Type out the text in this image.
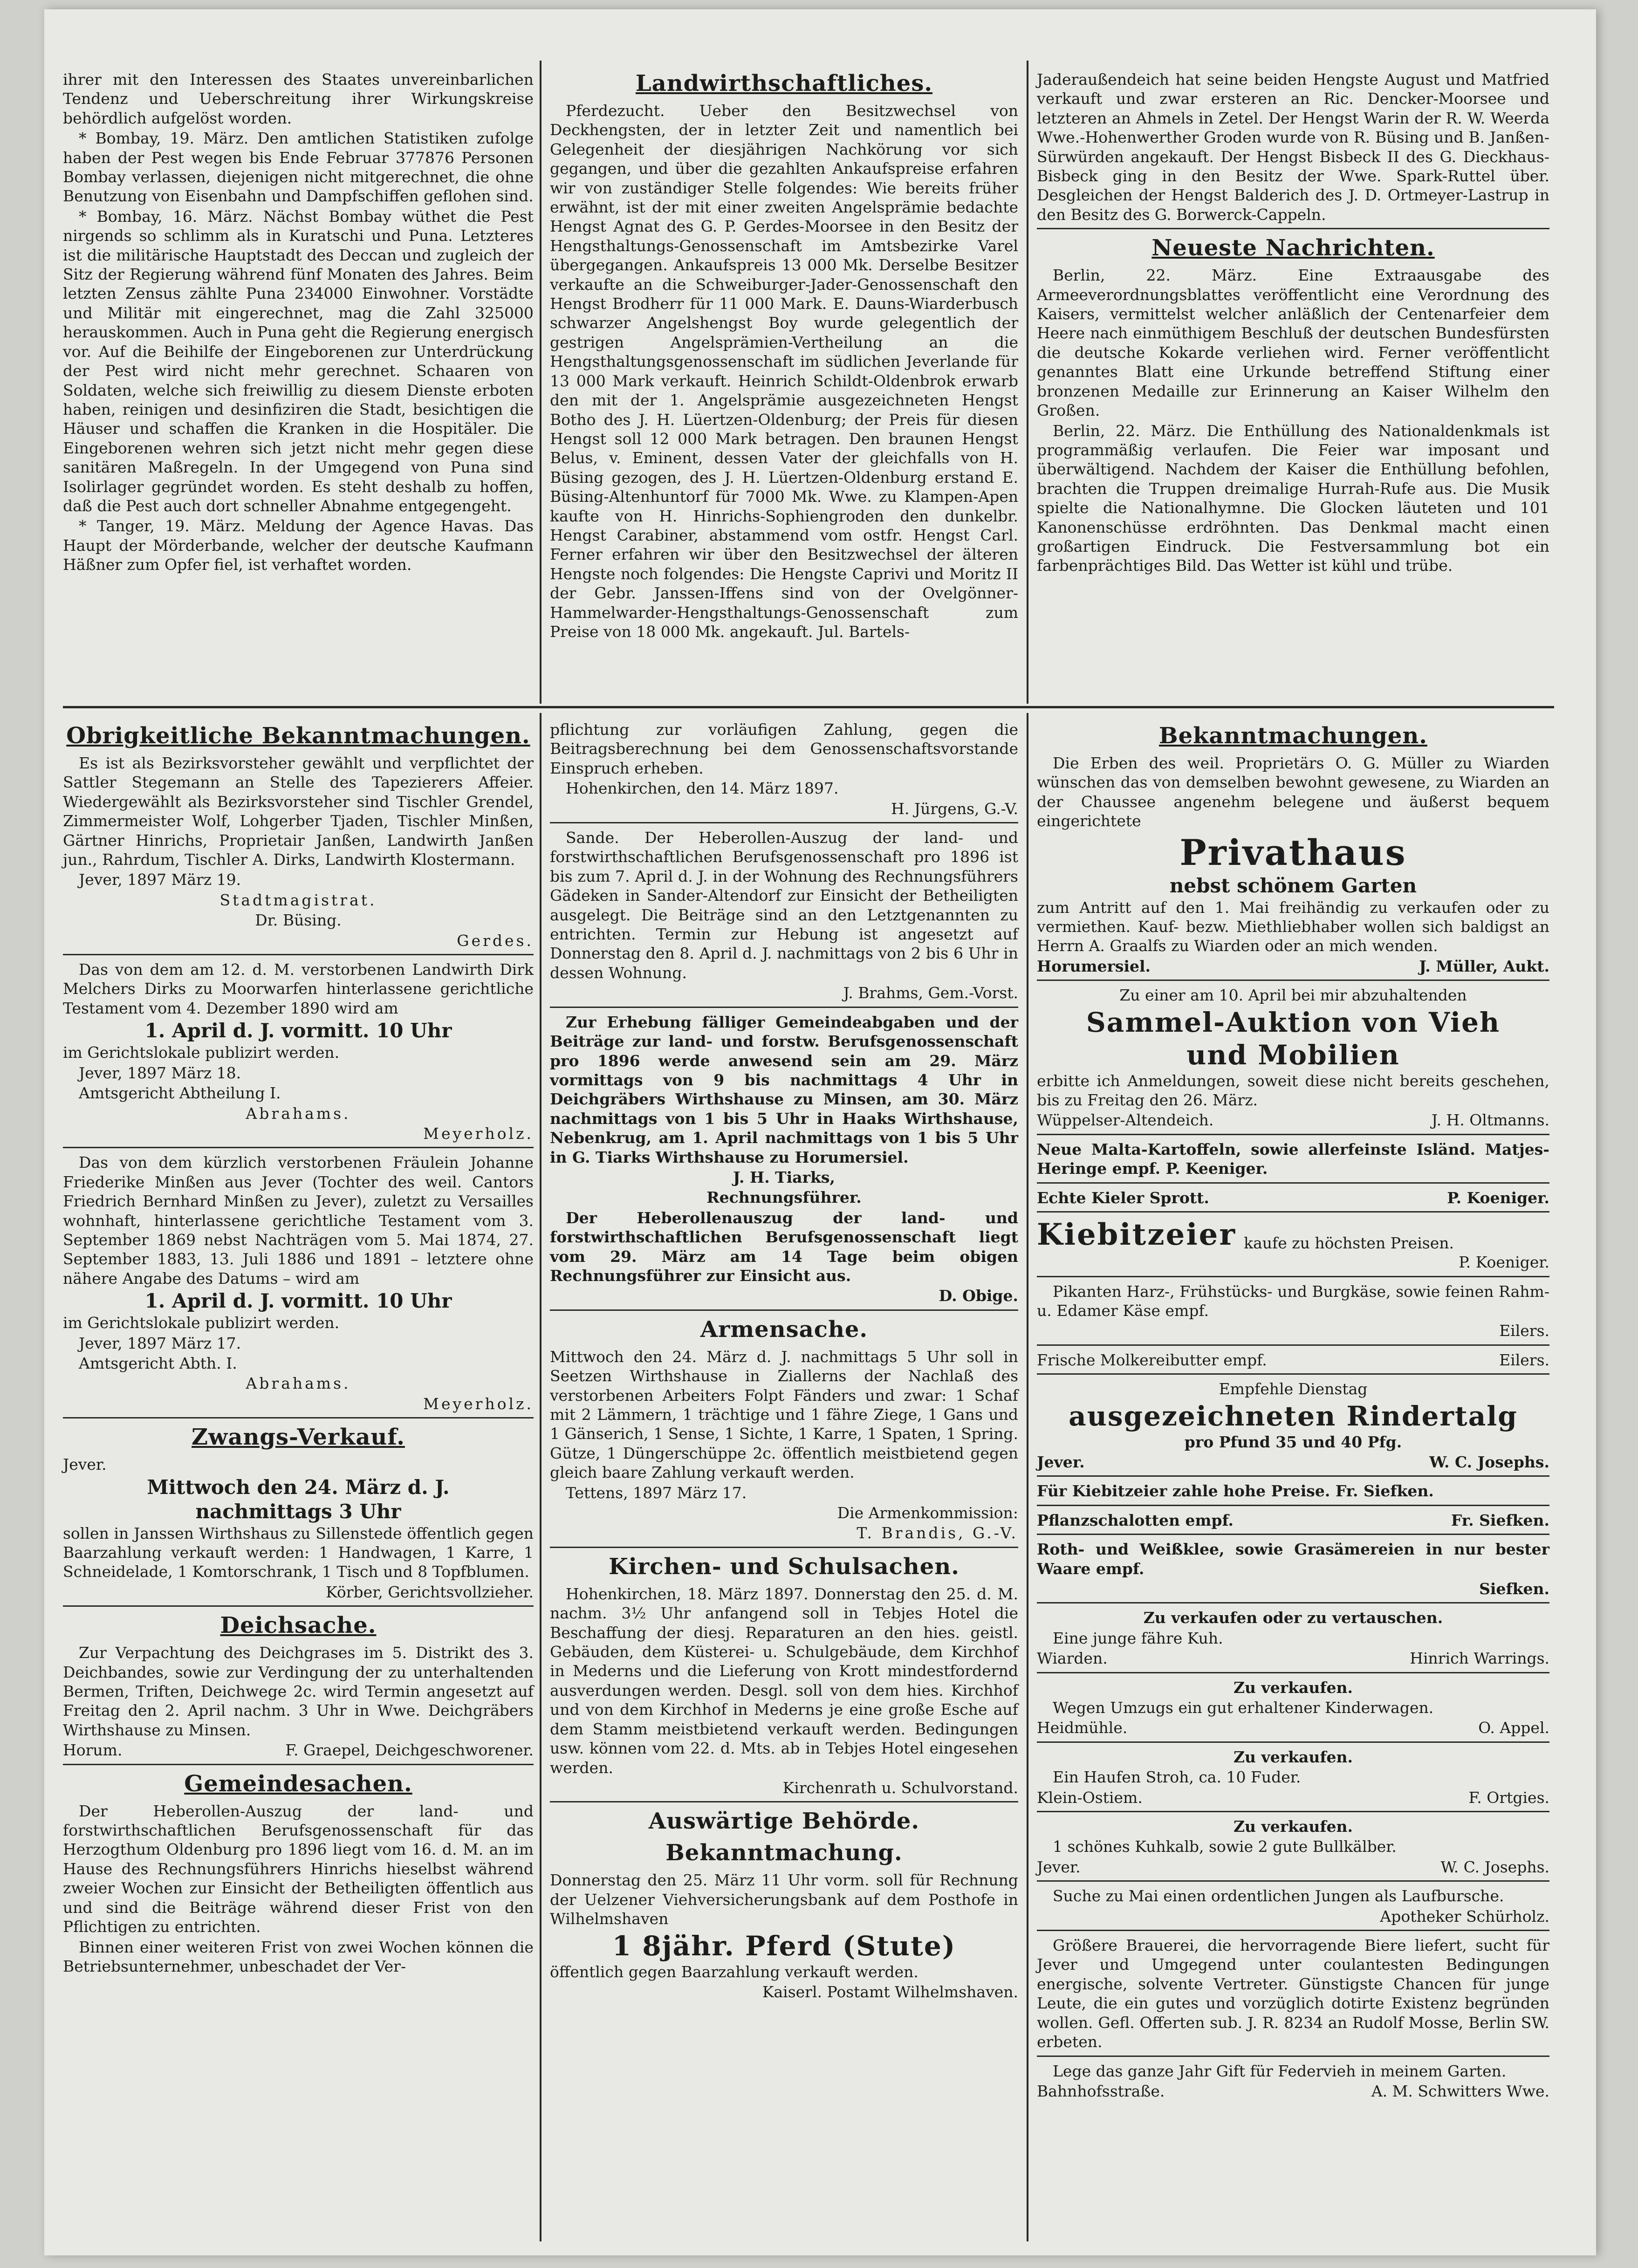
ihrer mit den Interessen des Staates unvereinbarlichen Tendenz und Ueberschreitung ihrer Wirkungskreise behördlich aufgelöst worden.

* Bombay, 19. März. Den amtlichen Statistiken zufolge haben der Pest wegen bis Ende Februar 377876 Personen Bombay verlassen, diejenigen nicht mitgerechnet, die ohne Benutzung von Eisenbahn und Dampfschiffen geflohen sind.

* Bombay, 16. März. Nächst Bombay wüthet die Pest nirgends so schlimm als in Kuratschi und Puna. Letzteres ist die militärische Hauptstadt des Deccan und zugleich der Sitz der Regierung während fünf Monaten des Jahres. Beim letzten Zensus zählte Puna 234000 Einwohner. Vorstädte und Militär mit eingerechnet, mag die Zahl 325000 herauskommen. Auch in Puna geht die Regierung energisch vor. Auf die Beihilfe der Eingeborenen zur Unterdrückung der Pest wird nicht mehr gerechnet. Schaaren von Soldaten, welche sich freiwillig zu diesem Dienste erboten haben, reinigen und desinfiziren die Stadt, besichtigen die Häuser und schaffen die Kranken in die Hospitäler. Die Eingeborenen wehren sich jetzt nicht mehr gegen diese sanitären Maßregeln. In der Umgegend von Puna sind Isolirlager gegründet worden. Es steht deshalb zu hoffen, daß die Pest auch dort schneller Abnahme entgegengeht.

* Tanger, 19. März. Meldung der Agence Havas. Das Haupt der Mörderbande, welcher der deutsche Kaufmann Häßner zum Opfer fiel, ist verhaftet worden.

Landwirthschaftliches.

Pferdezucht. Ueber den Besitzwechsel von Deckhengsten, der in letzter Zeit und namentlich bei Gelegenheit der diesjährigen Nachkörung vor sich gegangen, und über die gezahlten Ankaufspreise erfahren wir von zuständiger Stelle folgendes: Wie bereits früher erwähnt, ist der mit einer zweiten Angelsprämie bedachte Hengst Agnat des G. P. Gerdes-Moorsee in den Besitz der Hengsthaltungs-Genossenschaft im Amtsbezirke Varel übergegangen. Ankaufspreis 13 000 Mk. Derselbe Besitzer verkaufte an die Schweiburger-Jader-Genossenschaft den Hengst Brodherr für 11 000 Mark. E. Dauns-Wiarderbusch schwarzer Angelshengst Boy wurde gelegentlich der gestrigen Angelsprämien-Vertheilung an die Hengsthaltungsgenossenschaft im südlichen Jeverlande für 13 000 Mark verkauft. Heinrich Schildt-Oldenbrok erwarb den mit der 1. Angelsprämie ausgezeichneten Hengst Botho des J. H. Lüertzen-Oldenburg; der Preis für diesen Hengst soll 12 000 Mark betragen. Den braunen Hengst Belus, v. Eminent, dessen Vater der gleichfalls von H. Büsing gezogen, des J. H. Lüertzen-Oldenburg erstand E. Büsing-Altenhuntorf für 7000 Mk. Wwe. zu Klampen-Apen kaufte von H. Hinrichs-Sophiengroden den dunkelbr. Hengst Carabiner, abstammend vom ostfr. Hengst Carl. Ferner erfahren wir über den Besitzwechsel der älteren Hengste noch folgendes: Die Hengste Caprivi und Moritz II der Gebr. Janssen-Iffens sind von der Ovelgönner-Hammelwarder-Hengsthaltungs-Genossenschaft zum Preise von 18 000 Mk. angekauft. Jul. Bartels-

Jaderaußendeich hat seine beiden Hengste August und Matfried verkauft und zwar ersteren an Ric. Dencker-Moorsee und letzteren an Ahmels in Zetel. Der Hengst Warin der R. W. Weerda Wwe.-Hohenwerther Groden wurde von R. Büsing und B. Janßen-Sürwürden angekauft. Der Hengst Bisbeck II des G. Dieckhaus-Bisbeck ging in den Besitz der Wwe. Spark-Ruttel über. Desgleichen der Hengst Balderich des J. D. Ortmeyer-Lastrup in den Besitz des G. Borwerck-Cappeln.

Neueste Nachrichten.

Berlin, 22. März. Eine Extraausgabe des Armeeverordnungsblattes veröffentlicht eine Verordnung des Kaisers, vermittelst welcher anläßlich der Centenarfeier dem Heere nach einmüthigem Beschluß der deutschen Bundesfürsten die deutsche Kokarde verliehen wird. Ferner veröffentlicht genanntes Blatt eine Urkunde betreffend Stiftung einer bronzenen Medaille zur Erinnerung an Kaiser Wilhelm den Großen.

Berlin, 22. März. Die Enthüllung des Nationaldenkmals ist programmäßig verlaufen. Die Feier war imposant und überwältigend. Nachdem der Kaiser die Enthüllung befohlen, brachten die Truppen dreimalige Hurrah-Rufe aus. Die Musik spielte die Nationalhymne. Die Glocken läuteten und 101 Kanonenschüsse erdröhnten. Das Denkmal macht einen großartigen Eindruck. Die Festversammlung bot ein farbenprächtiges Bild. Das Wetter ist kühl und trübe.

Obrigkeitliche Bekanntmachungen.

Es ist als Bezirksvorsteher gewählt und verpflichtet der Sattler Stegemann an Stelle des Tapezierers Affeier. Wiedergewählt als Bezirksvorsteher sind Tischler Grendel, Zimmermeister Wolf, Lohgerber Tjaden, Tischler Minßen, Gärtner Hinrichs, Proprietair Janßen, Landwirth Janßen jun., Rahrdum, Tischler A. Dirks, Landwirth Klostermann.

Jever, 1897 März 19.

Stadtmagistrat.

Dr. Büsing.

Gerdes.

Das von dem am 12. d. M. verstorbenen Landwirth Dirk Melchers Dirks zu Moorwarfen hinterlassene gerichtliche Testament vom 4. Dezember 1890 wird am

1. April d. J. vormitt. 10 Uhr

im Gerichtslokale publizirt werden.

Jever, 1897 März 18.

Amtsgericht Abtheilung I.

Abrahams.

Meyerholz.

Das von dem kürzlich verstorbenen Fräulein Johanne Friederike Minßen aus Jever (Tochter des weil. Cantors Friedrich Bernhard Minßen zu Jever), zuletzt zu Versailles wohnhaft, hinterlassene gerichtliche Testament vom 3. September 1869 nebst Nachträgen vom 5. Mai 1874, 27. September 1883, 13. Juli 1886 und 1891 – letztere ohne nähere Angabe des Datums – wird am

1. April d. J. vormitt. 10 Uhr

im Gerichtslokale publizirt werden.

Jever, 1897 März 17.

Amtsgericht Abth. I.

Abrahams.

Meyerholz.

Zwangs-Verkauf.

Jever.

Mittwoch den 24. März d. J.
nachmittags 3 Uhr

sollen in Janssen Wirthshaus zu Sillenstede öffentlich gegen Baarzahlung verkauft werden: 1 Handwagen, 1 Karre, 1 Schneidelade, 1 Komtorschrank, 1 Tisch und 8 Topfblumen.

Körber, Gerichtsvollzieher.

Deichsache.

Zur Verpachtung des Deichgrases im 5. Distrikt des 3. Deichbandes, sowie zur Verdingung der zu unterhaltenden Bermen, Triften, Deichwege 2c. wird Termin angesetzt auf Freitag den 2. April nachm. 3 Uhr in Wwe. Deichgräbers Wirthshause zu Minsen.

Horum.	F. Graepel, Deichgeschworener.
Gemeindesachen.

Der Heberollen-Auszug der land- und forstwirthschaftlichen Berufsgenossenschaft für das Herzogthum Oldenburg pro 1896 liegt vom 16. d. M. an im Hause des Rechnungsführers Hinrichs hieselbst während zweier Wochen zur Einsicht der Betheiligten öffentlich aus und sind die Beiträge während dieser Frist von den Pflichtigen zu entrichten.

Binnen einer weiteren Frist von zwei Wochen können die Betriebsunternehmer, unbeschadet der Ver-

pflichtung zur vorläufigen Zahlung, gegen die Beitragsberechnung bei dem Genossenschaftsvorstande Einspruch erheben.

Hohenkirchen, den 14. März 1897.

H. Jürgens, G.-V.

Sande. Der Heberollen-Auszug der land- und forstwirthschaftlichen Berufsgenossenschaft pro 1896 ist bis zum 7. April d. J. in der Wohnung des Rechnungsführers Gädeken in Sander-Altendorf zur Einsicht der Betheiligten ausgelegt. Die Beiträge sind an den Letztgenannten zu entrichten. Termin zur Hebung ist angesetzt auf Donnerstag den 8. April d. J. nachmittags von 2 bis 6 Uhr in dessen Wohnung.

J. Brahms, Gem.-Vorst.

Zur Erhebung fälliger Gemeindeabgaben und der Beiträge zur land- und forstw. Berufsgenossenschaft pro 1896 werde anwesend sein am 29. März vormittags von 9 bis nachmittags 4 Uhr in Deichgräbers Wirthshause zu Minsen, am 30. März nachmittags von 1 bis 5 Uhr in Haaks Wirthshause, Nebenkrug, am 1. April nachmittags von 1 bis 5 Uhr in G. Tiarks Wirthshause zu Horumersiel.

J. H. Tiarks,

Rechnungsführer.

Der Heberollenauszug der land- und forstwirthschaftlichen Berufsgenossenschaft liegt vom 29. März am 14 Tage beim obigen Rechnungsführer zur Einsicht aus.

D. Obige.

Armensache.

Mittwoch den 24. März d. J. nachmittags 5 Uhr soll in Seetzen Wirthshause in Ziallerns der Nachlaß des verstorbenen Arbeiters Folpt Fänders und zwar: 1 Schaf mit 2 Lämmern, 1 trächtige und 1 fähre Ziege, 1 Gans und 1 Gänserich, 1 Sense, 1 Sichte, 1 Karre, 1 Spaten, 1 Spring. Gütze, 1 Düngerschüppe 2c. öffentlich meistbietend gegen gleich baare Zahlung verkauft werden.

Tettens, 1897 März 17.

Die Armenkommission:

T. Brandis, G.-V.

Kirchen- und Schulsachen.

Hohenkirchen, 18. März 1897. Donnerstag den 25. d. M. nachm. 3½ Uhr anfangend soll in Tebjes Hotel die Beschaffung der diesj. Reparaturen an den hies. geistl. Gebäuden, dem Küsterei- u. Schulgebäude, dem Kirchhof in Mederns und die Lieferung von Krott mindestfordernd ausverdungen werden. Desgl. soll von dem hies. Kirchhof und von dem Kirchhof in Mederns je eine große Esche auf dem Stamm meistbietend verkauft werden. Bedingungen usw. können vom 22. d. Mts. ab in Tebjes Hotel eingesehen werden.

Kirchenrath u. Schulvorstand.

Auswärtige Behörde.
Bekanntmachung.

Donnerstag den 25. März 11 Uhr vorm. soll für Rechnung der Uelzener Viehversicherungsbank auf dem Posthofe in Wilhelmshaven

1 8jähr. Pferd (Stute)

öffentlich gegen Baarzahlung verkauft werden.

Kaiserl. Postamt Wilhelmshaven.

Bekanntmachungen.

Die Erben des weil. Proprietärs O. G. Müller zu Wiarden wünschen das von demselben bewohnt gewesene, zu Wiarden an der Chaussee angenehm belegene und äußerst bequem eingerichtete

Privathaus
nebst schönem Garten

zum Antritt auf den 1. Mai freihändig zu verkaufen oder zu vermiethen. Kauf- bezw. Miethliebhaber wollen sich baldigst an Herrn A. Graalfs zu Wiarden oder an mich wenden.

Horumersiel.	J. Müller, Aukt.

Zu einer am 10. April bei mir abzuhaltenden

Sammel-Auktion von Vieh
und Mobilien

erbitte ich Anmeldungen, soweit diese nicht bereits geschehen, bis zu Freitag den 26. März.

Wüppelser-Altendeich.	J. H. Oltmanns.

Neue Malta-Kartoffeln, sowie allerfeinste Isländ. Matjes-Heringe empf. P. Keeniger.

Echte Kieler Sprott.	P. Koeniger.
Kiebitzeier kaufe zu höchsten Preisen.

P. Koeniger.

Pikanten Harz-, Frühstücks- und Burgkäse, sowie feinen Rahm- u. Edamer Käse empf.

Eilers.

Frische Molkereibutter empf.	Eilers.

Empfehle Dienstag

ausgezeichneten Rindertalg

pro Pfund 35 und 40 Pfg.

Jever.	W. C. Josephs.

Für Kiebitzeier zahle hohe Preise. Fr. Siefken.

Pflanzschalotten empf.	Fr. Siefken.

Roth- und Weißklee, sowie Grasämereien in nur bester Waare empf.

Siefken.

Zu verkaufen oder zu vertauschen.

Eine junge fähre Kuh.

Wiarden.	Hinrich Warrings.

Zu verkaufen.

Wegen Umzugs ein gut erhaltener Kinderwagen.

Heidmühle.	O. Appel.

Zu verkaufen.

Ein Haufen Stroh, ca. 10 Fuder.

Klein-Ostiem.	F. Ortgies.

Zu verkaufen.

1 schönes Kuhkalb, sowie 2 gute Bullkälber.

Jever.	W. C. Josephs.

Suche zu Mai einen ordentlichen Jungen als Laufbursche.

Apotheker Schürholz.

Größere Brauerei, die hervorragende Biere liefert, sucht für Jever und Umgegend unter coulantesten Bedingungen energische, solvente Vertreter. Günstigste Chancen für junge Leute, die ein gutes und vorzüglich dotirte Existenz begründen wollen. Gefl. Offerten sub. J. R. 8234 an Rudolf Mosse, Berlin SW. erbeten.

Lege das ganze Jahr Gift für Federvieh in meinem Garten.

Bahnhofsstraße.	A. M. Schwitters Wwe.
